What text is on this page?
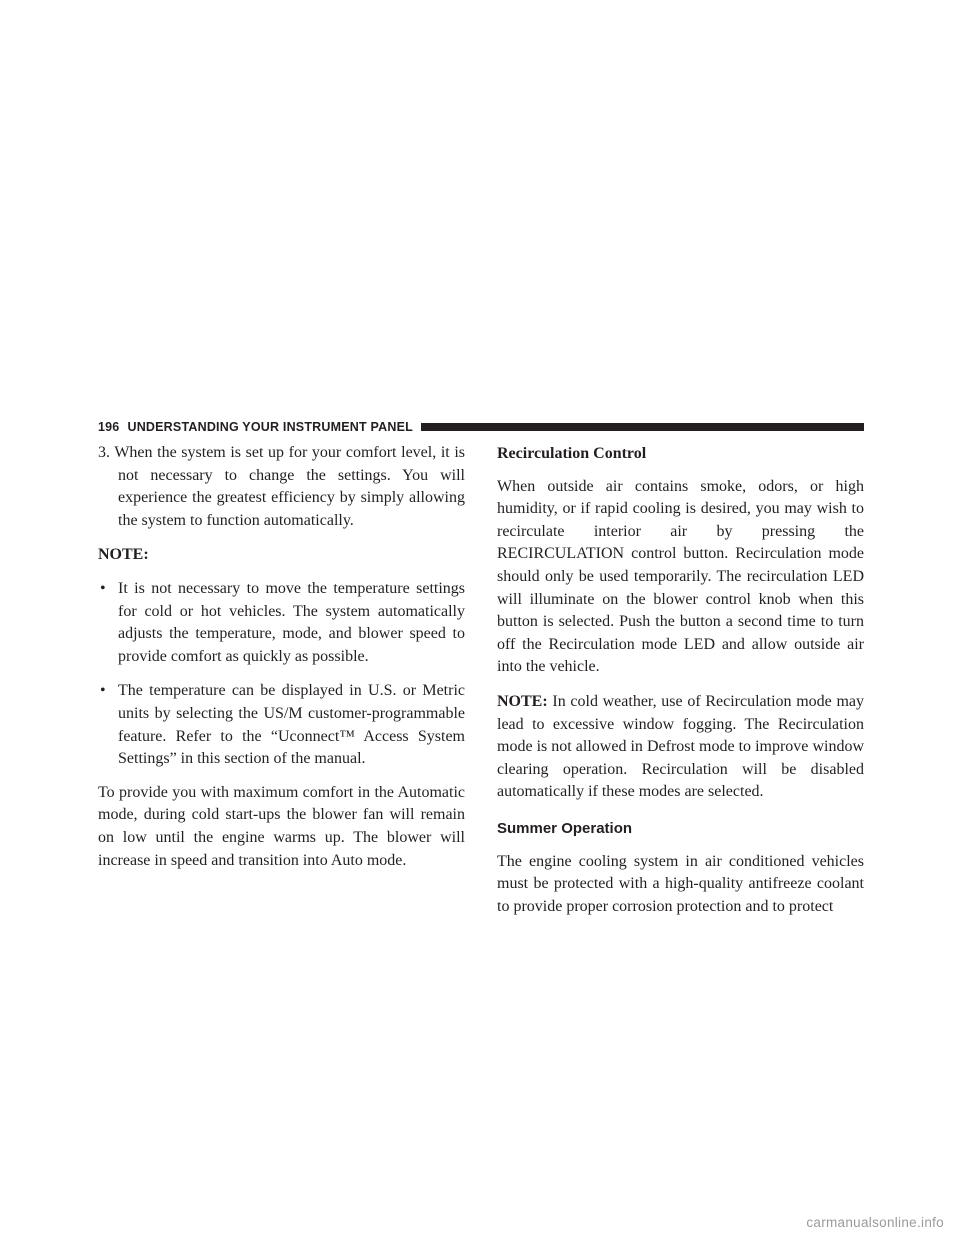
196 UNDERSTANDING YOUR INSTRUMENT PANEL

3. When the system is set up for your comfort level, it is not necessary to change the settings. You will experience the greatest efficiency by simply allowing the system to function automatically.

NOTE:

• It is not necessary to move the temperature settings for cold or hot vehicles. The system automatically adjusts the temperature, mode, and blower speed to provide comfort as quickly as possible.
• The temperature can be displayed in U.S. or Metric units by selecting the US/M customer-programmable feature. Refer to the “Uconnect™ Access System Settings” in this section of the manual.

To provide you with maximum comfort in the Automatic mode, during cold start-ups the blower fan will remain on low until the engine warms up. The blower will increase in speed and transition into Auto mode.

Recirculation Control

When outside air contains smoke, odors, or high humidity, or if rapid cooling is desired, you may wish to recirculate interior air by pressing the RECIRCULATION control button. Recirculation mode should only be used temporarily. The recirculation LED will illuminate on the blower control knob when this button is selected. Push the button a second time to turn off the Recirculation mode LED and allow outside air into the vehicle.

NOTE: In cold weather, use of Recirculation mode may lead to excessive window fogging. The Recirculation mode is not allowed in Defrost mode to improve window clearing operation. Recirculation will be disabled automatically if these modes are selected.

Summer Operation

The engine cooling system in air conditioned vehicles must be protected with a high-quality antifreeze coolant to provide proper corrosion protection and to protect

carmanualsonline.info
